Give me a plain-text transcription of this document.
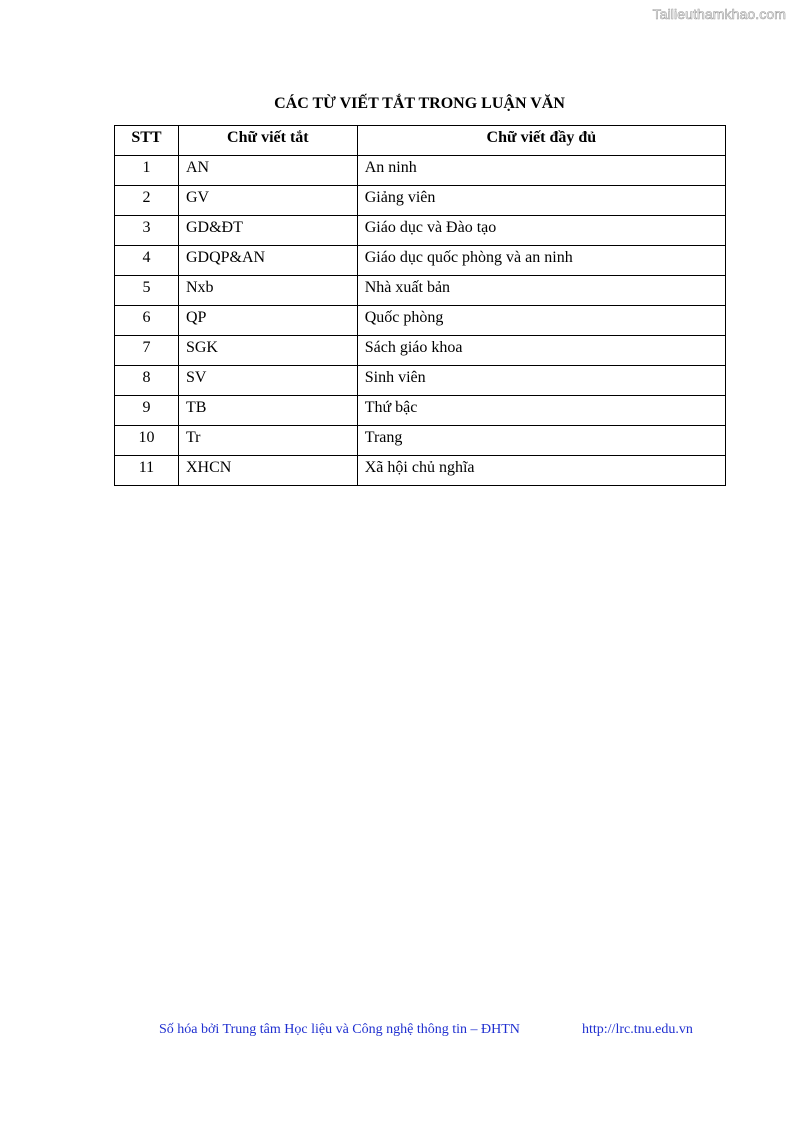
Tailieuthamkhao.com
CÁC TỪ VIẾT TẮT TRONG LUẬN VĂN
STT	Chữ viết tắt	Chữ viết đầy đủ
1	AN	An ninh
2	GV	Giảng viên
3	GD&ĐT	Giáo dục và Đào tạo
4	GDQP&AN	Giáo dục quốc phòng và an ninh
5	Nxb	Nhà xuất bản
6	QP	Quốc phòng
7	SGK	Sách giáo khoa
8	SV	Sinh viên
9	TB	Thứ bậc
10	Tr	Trang
11	XHCN	Xã hội chủ nghĩa
Số hóa bởi Trung tâm Học liệu và Công nghệ thông tin – ĐHTN	http://lrc.tnu.edu.vn
